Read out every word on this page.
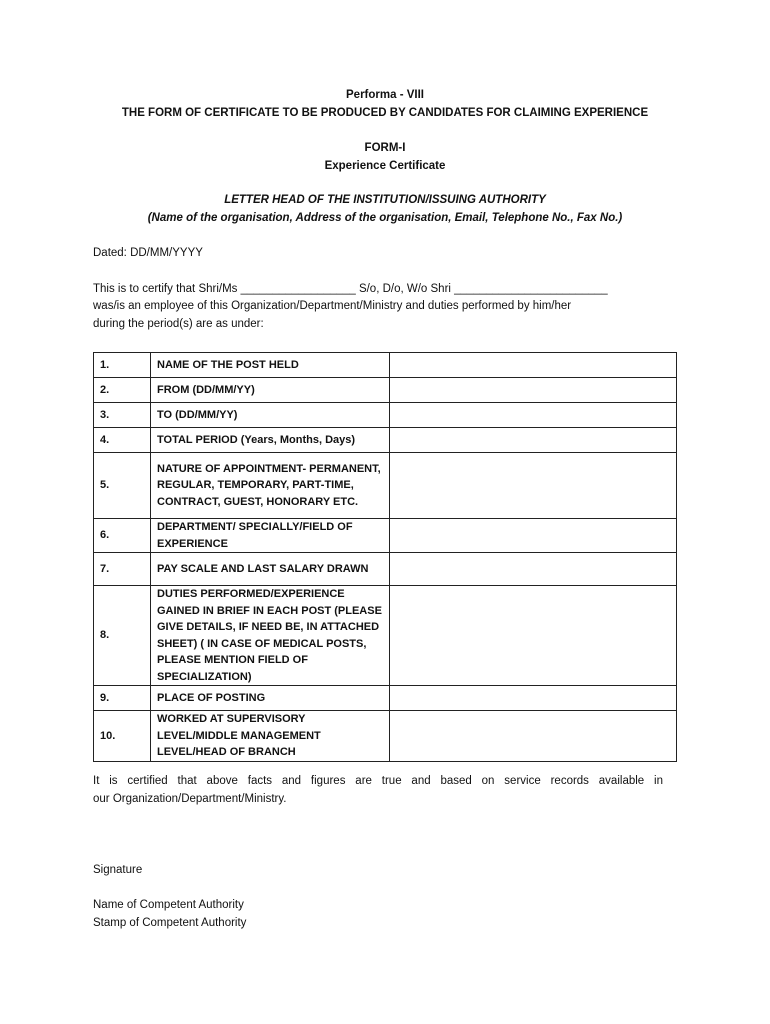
Performa - VIII
THE FORM OF CERTIFICATE TO BE PRODUCED BY CANDIDATES FOR CLAIMING EXPERIENCE
FORM-I
Experience Certificate
LETTER HEAD OF THE INSTITUTION/ISSUING AUTHORITY
(Name of the organisation, Address of the organisation, Email, Telephone No., Fax No.)
Dated: DD/MM/YYYY
This is to certify that Shri/Ms __________________ S/o, D/o, W/o Shri ________________________
was/is an employee of this Organization/Department/Ministry and duties performed by him/her
during the period(s) are as under:
1.	NAME OF THE POST HELD	
2.	FROM (DD/MM/YY)	
3.	TO (DD/MM/YY)	
4.	TOTAL PERIOD (Years, Months, Days)	
5.	NATURE OF APPOINTMENT- PERMANENT, REGULAR, TEMPORARY, PART-TIME, CONTRACT, GUEST, HONORARY ETC.	
6.	DEPARTMENT/ SPECIALLY/FIELD OF EXPERIENCE	
7.	PAY SCALE AND LAST SALARY DRAWN	
8.	DUTIES PERFORMED/EXPERIENCE GAINED IN BRIEF IN EACH POST (PLEASE GIVE DETAILS, IF NEED BE, IN ATTACHED SHEET) ( IN CASE OF MEDICAL POSTS, PLEASE MENTION FIELD OF SPECIALIZATION)	
9.	PLACE OF POSTING	
10.	WORKED AT SUPERVISORY LEVEL/MIDDLE MANAGEMENT LEVEL/HEAD OF BRANCH	
It is certified that above facts and figures are true and based on service records available in
our Organization/Department/Ministry.
Signature
Name of Competent Authority
Stamp of Competent Authority
